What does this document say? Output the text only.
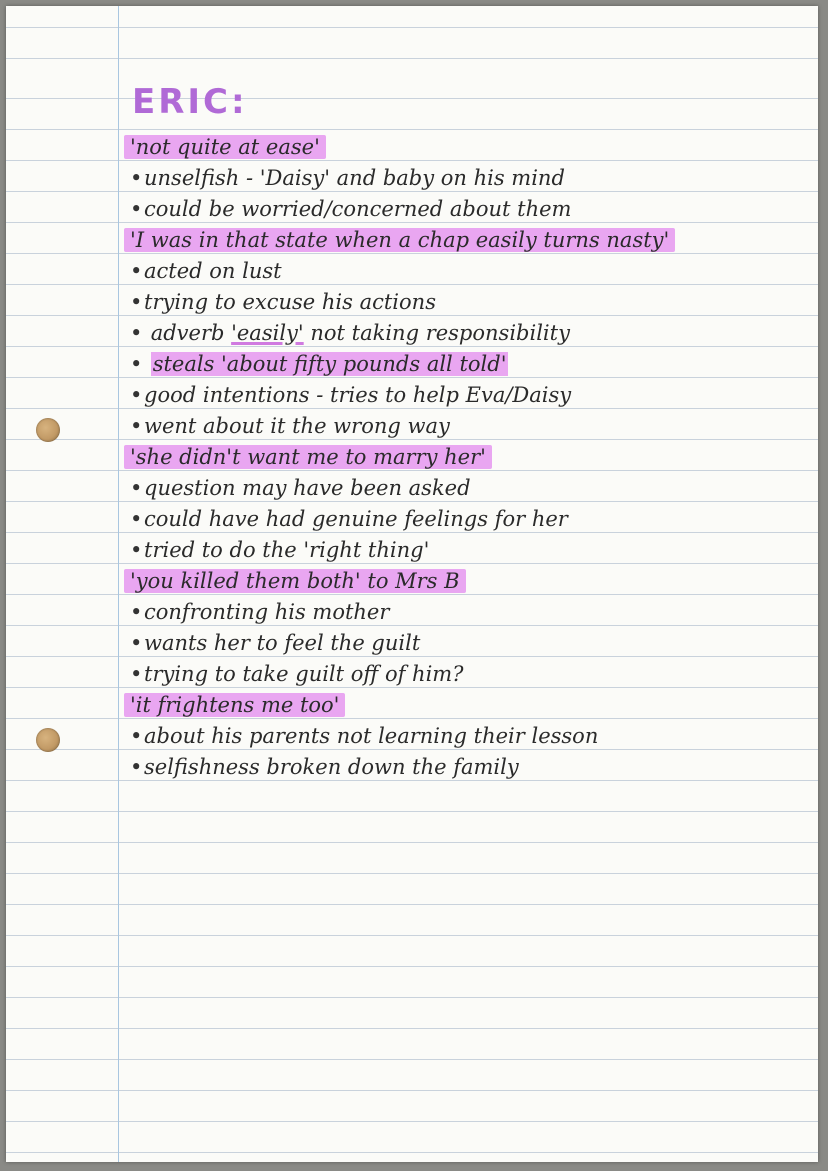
ERIC:
'not quite at ease'
• unselfish - 'Daisy' and baby on his mind
• could be worried/concerned about them
'I was in that state when a chap easily turns nasty'
• acted on lust
• trying to excuse his actions
• adverb 'easily' not taking responsibility
• steals 'about fifty pounds all told'
• good intentions - tries to help Eva/Daisy
• went about it the wrong way
'she didn't want me to marry her'
• question may have been asked
• could have had genuine feelings for her
• tried to do the 'right thing'
'you killed them both' to Mrs B
• confronting his mother
• wants her to feel the guilt
• trying to take guilt off of him?
'it frightens me too'
• about his parents not learning their lesson
• selfishness broken down the family
